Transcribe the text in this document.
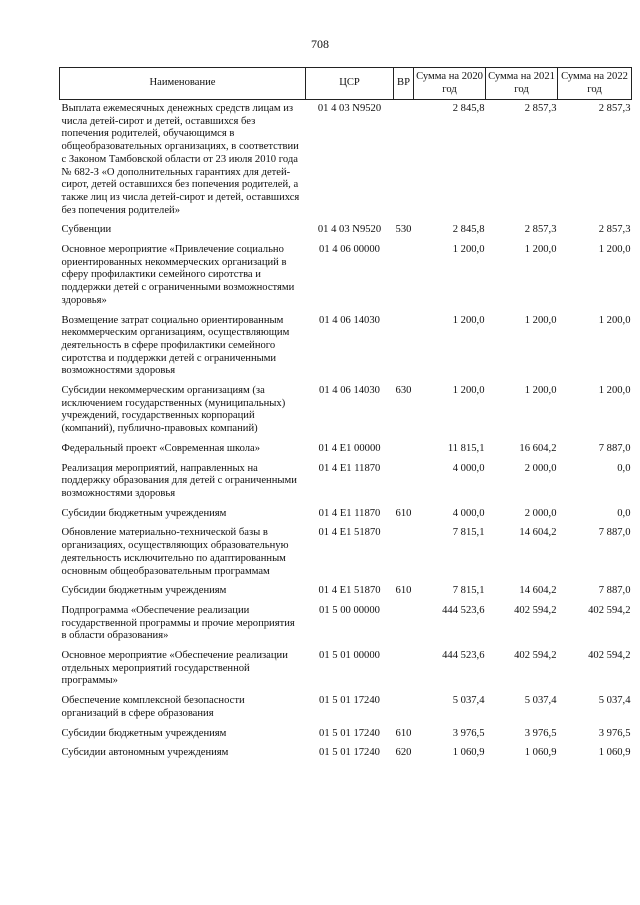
708
Наименование	ЦСР	ВР	Сумма на 2020 год	Сумма на 2021 год	Сумма на 2022 год
Выплата ежемесячных денежных средств лицам из числа детей-сирот и детей, оставшихся без попечения родителей, обучающимся в общеобразовательных организациях, в соответствии с Законом Тамбовской области от 23 июля 2010 года № 682-З «О дополнительных гарантиях для детей-сирот, детей оставшихся без попечения родителей, а также лиц из числа детей-сирот и детей, оставшихся без попечения родителей»	01 4 03 N9520		2 845,8	2 857,3	2 857,3
Субвенции	01 4 03 N9520	530	2 845,8	2 857,3	2 857,3
Основное мероприятие «Привлечение социально ориентированных некоммерческих организаций в сферу профилактики семейного сиротства и поддержки детей с ограниченными возможностями здоровья»	01 4 06 00000		1 200,0	1 200,0	1 200,0
Возмещение затрат социально ориентированным некоммерческим организациям, осуществляющим деятельность в сфере профилактики семейного сиротства и поддержки детей с ограниченными возможностями здоровья	01 4 06 14030		1 200,0	1 200,0	1 200,0
Субсидии некоммерческим организациям (за исключением государственных (муниципальных) учреждений, государственных корпораций (компаний), публично-правовых компаний)	01 4 06 14030	630	1 200,0	1 200,0	1 200,0
Федеральный проект «Современная школа»	01 4 E1 00000		11 815,1	16 604,2	7 887,0
Реализация мероприятий, направленных на поддержку образования для детей с ограниченными возможностями здоровья	01 4 E1 11870		4 000,0	2 000,0	0,0
Субсидии бюджетным учреждениям	01 4 E1 11870	610	4 000,0	2 000,0	0,0
Обновление материально-технической базы в организациях, осуществляющих образовательную деятельность исключительно по адаптированным основным общеобразовательным программам	01 4 E1 51870		7 815,1	14 604,2	7 887,0
Субсидии бюджетным учреждениям	01 4 E1 51870	610	7 815,1	14 604,2	7 887,0
Подпрограмма «Обеспечение реализации государственной программы и прочие мероприятия в области образования»	01 5 00 00000		444 523,6	402 594,2	402 594,2
Основное мероприятие «Обеспечение реализации отдельных мероприятий государственной программы»	01 5 01 00000		444 523,6	402 594,2	402 594,2
Обеспечение комплексной безопасности организаций в сфере образования	01 5 01 17240		5 037,4	5 037,4	5 037,4
Субсидии бюджетным учреждениям	01 5 01 17240	610	3 976,5	3 976,5	3 976,5
Субсидии автономным учреждениям	01 5 01 17240	620	1 060,9	1 060,9	1 060,9
